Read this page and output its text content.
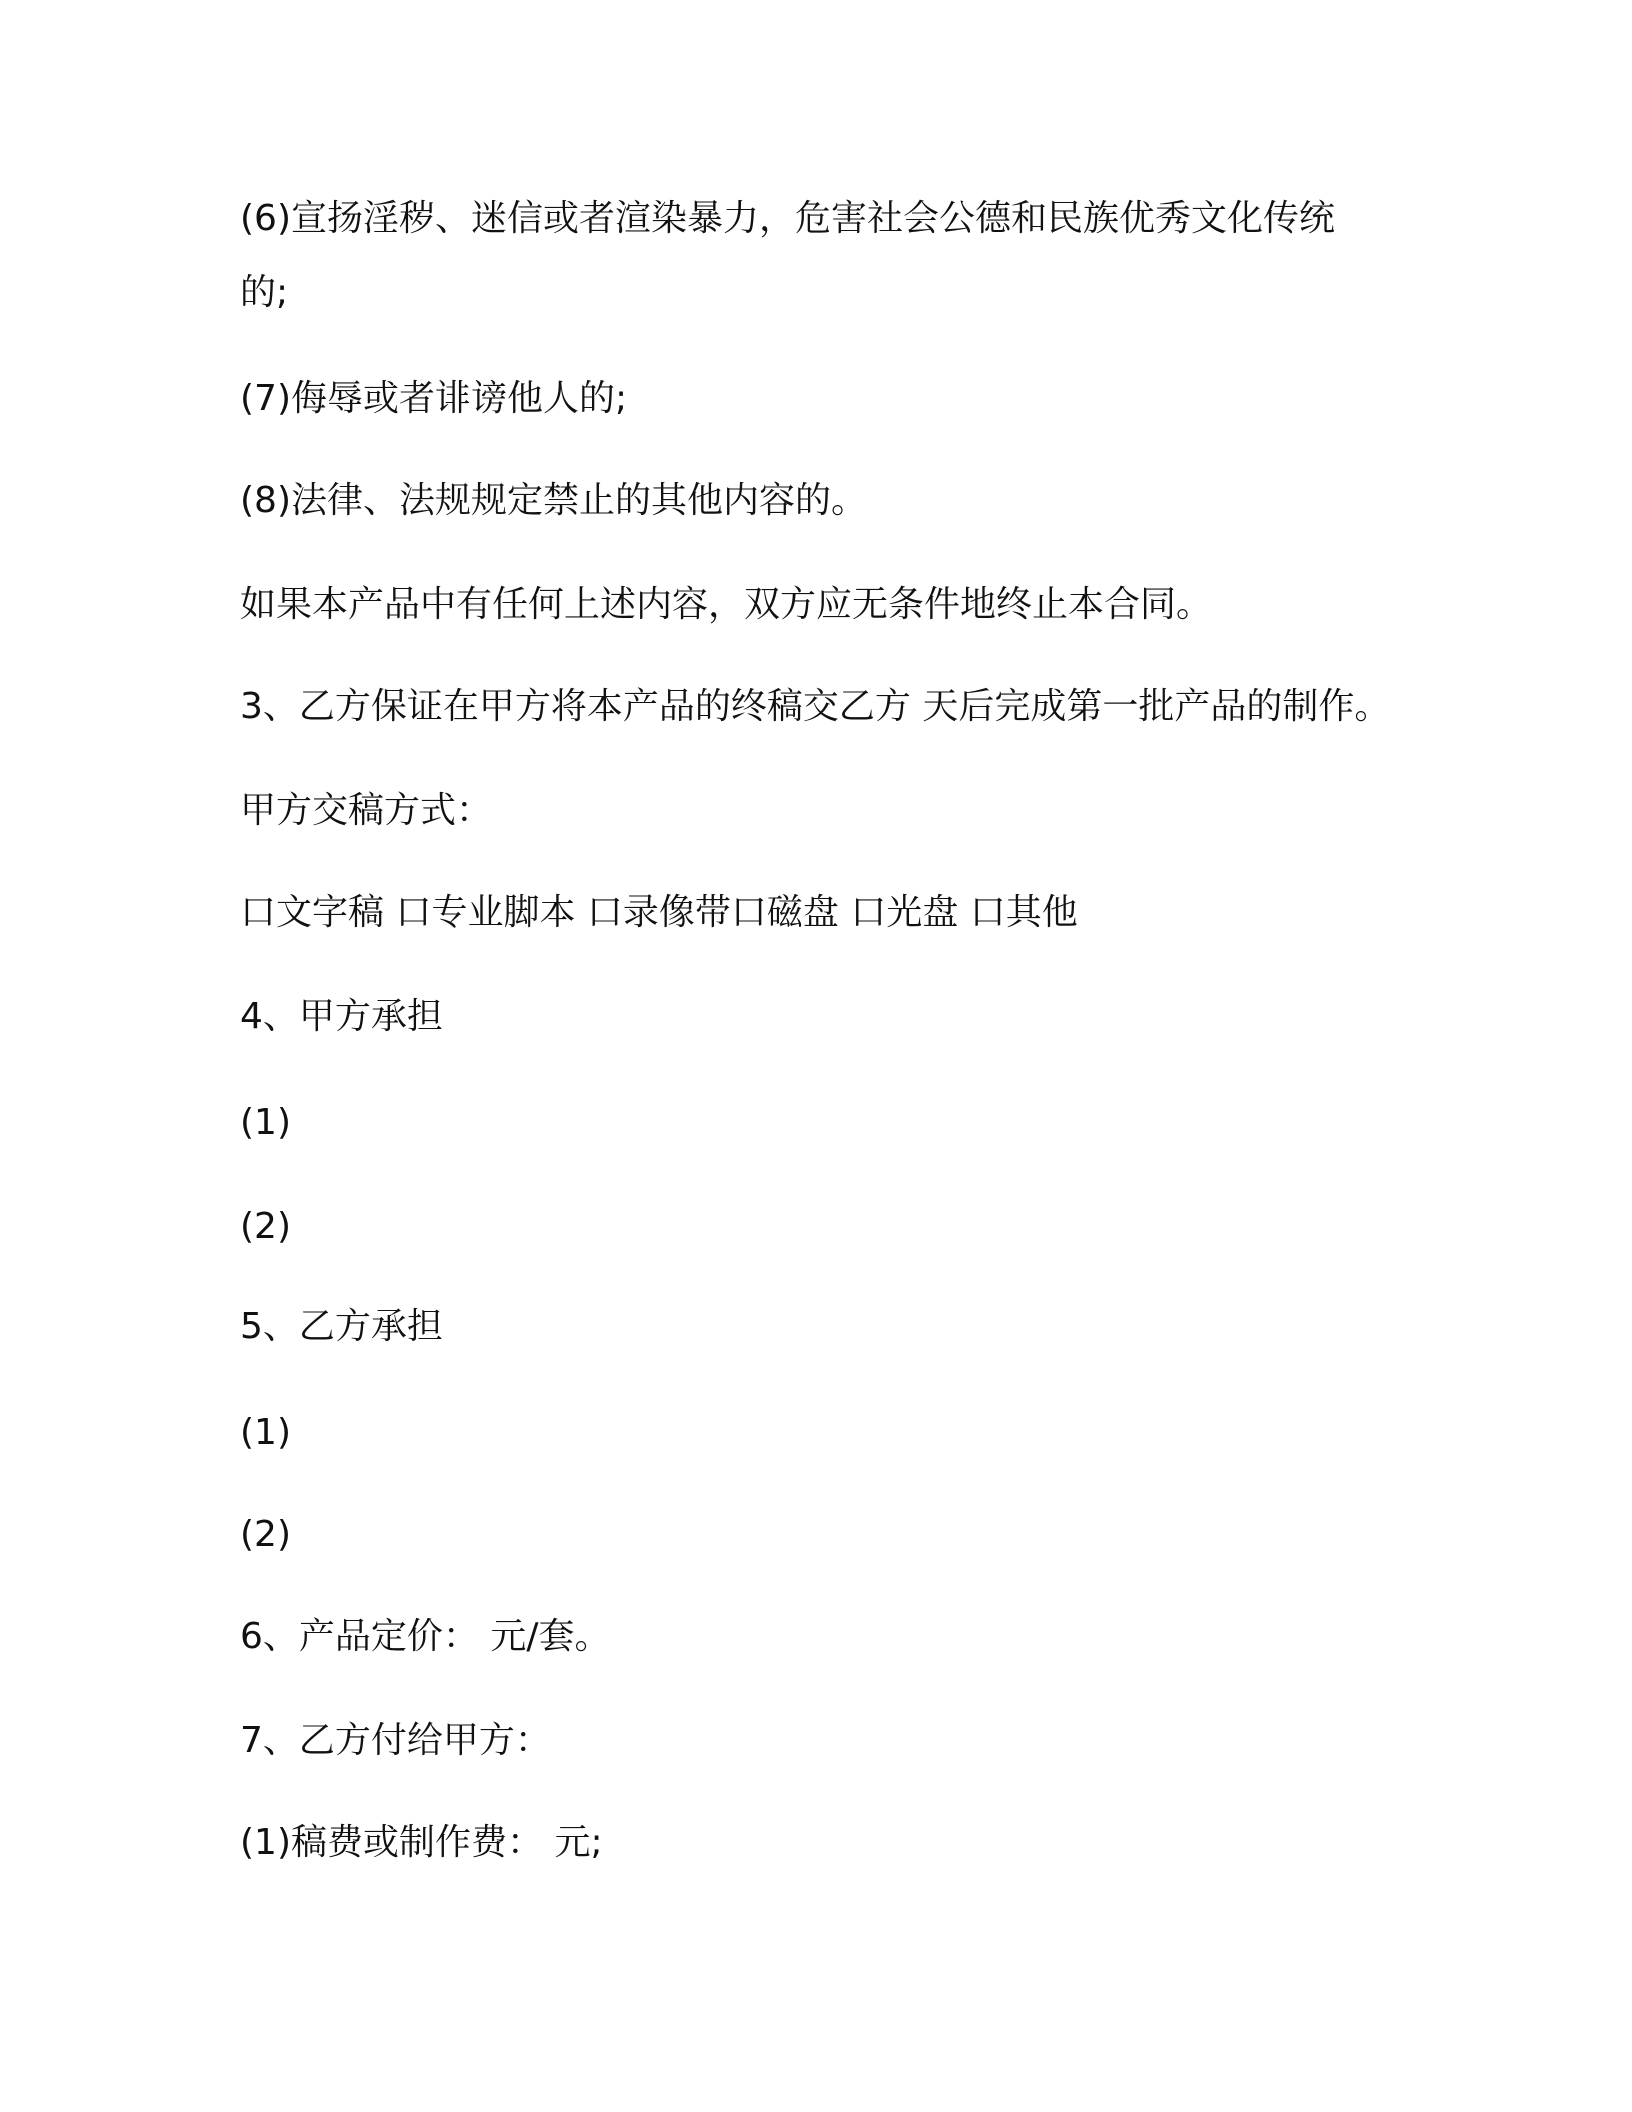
(6)宣扬淫秽、迷信或者渲染暴力，危害社会公德和民族优秀文化传统

的;

(7)侮辱或者诽谤他人的;

(8)法律、法规规定禁止的其他内容的。

如果本产品中有任何上述内容，双方应无条件地终止本合同。

3、乙方保证在甲方将本产品的终稿交乙方 天后完成第一批产品的制作。

甲方交稿方式：

口文字稿 口专业脚本 口录像带口磁盘 口光盘 口其他

4、甲方承担

(1)

(2)

5、乙方承担

(1)

(2)

6、产品定价： 元/套。

7、乙方付给甲方：

(1)稿费或制作费： 元;
